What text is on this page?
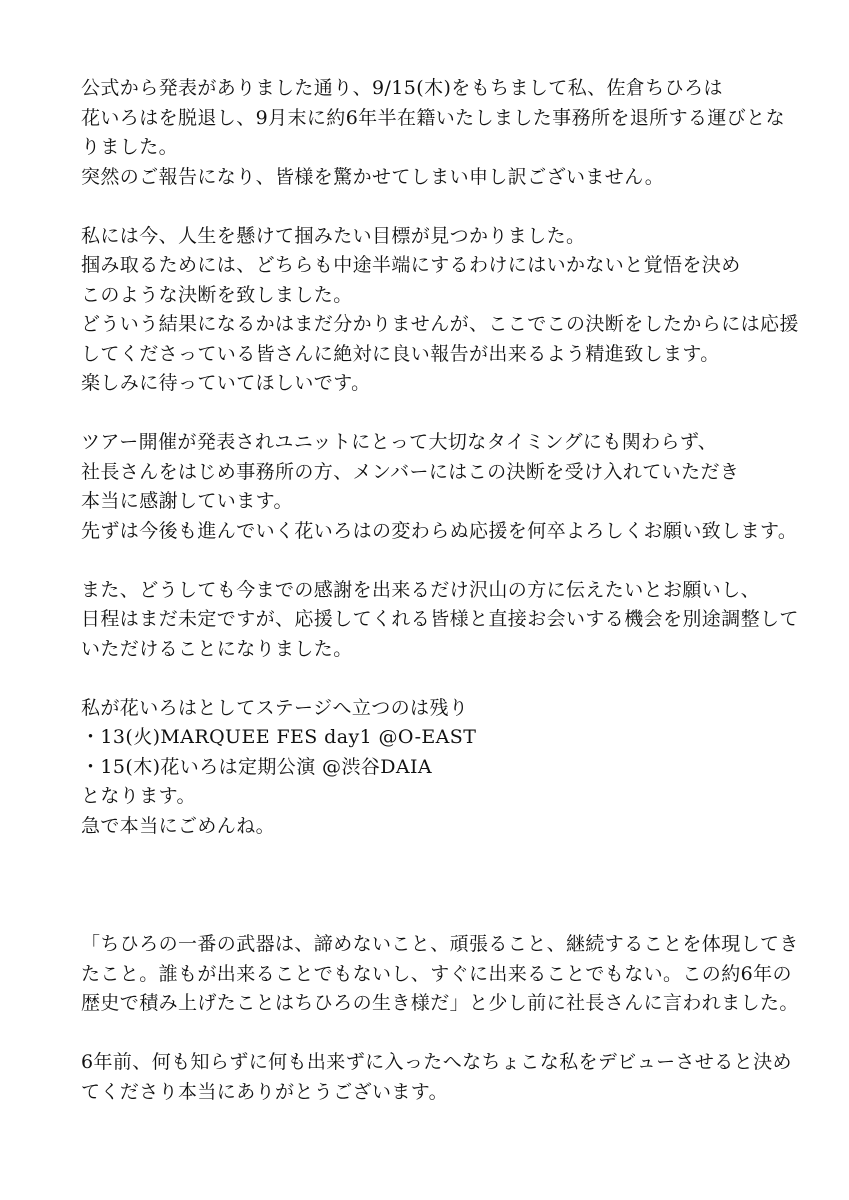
公式から発表がありました通り、9/15(木)をもちまして私、佐倉ちひろは
花いろはを脱退し、9月末に約6年半在籍いたしました事務所を退所する運びとな
りました。
突然のご報告になり、皆様を驚かせてしまい申し訳ございません。
私には今、人生を懸けて掴みたい目標が見つかりました。
掴み取るためには、どちらも中途半端にするわけにはいかないと覚悟を決め
このような決断を致しました。
どういう結果になるかはまだ分かりませんが、ここでこの決断をしたからには応援
してくださっている皆さんに絶対に良い報告が出来るよう精進致します。
楽しみに待っていてほしいです。
ツアー開催が発表されユニットにとって大切なタイミングにも関わらず、
社長さんをはじめ事務所の方、メンバーにはこの決断を受け入れていただき
本当に感謝しています。
先ずは今後も進んでいく花いろはの変わらぬ応援を何卒よろしくお願い致します。
また、どうしても今までの感謝を出来るだけ沢山の方に伝えたいとお願いし、
日程はまだ未定ですが、応援してくれる皆様と直接お会いする機会を別途調整して
いただけることになりました。
私が花いろはとしてステージへ立つのは残り
・13(火)MARQUEE FES day1 @O-EAST
・15(木)花いろは定期公演 @渋谷DAIA
となります。
急で本当にごめんね。
「ちひろの一番の武器は、諦めないこと、頑張ること、継続することを体現してき
たこと。誰もが出来ることでもないし、すぐに出来ることでもない。この約6年の
歴史で積み上げたことはちひろの生き様だ」と少し前に社長さんに言われました。
6年前、何も知らずに何も出来ずに入ったへなちょこな私をデビューさせると決め
てくださり本当にありがとうございます。
